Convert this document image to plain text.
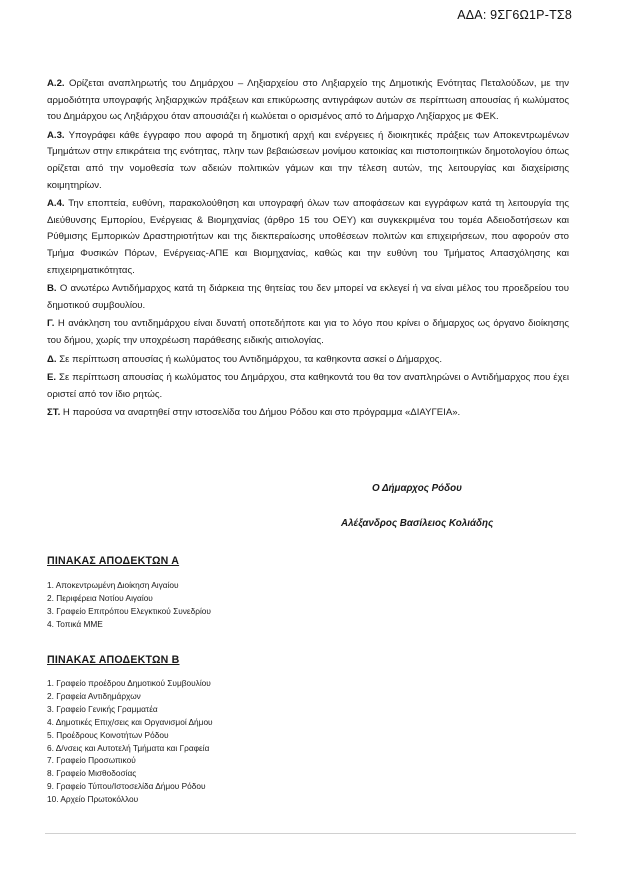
ΑΔΑ: 9ΣΓ6Ω1Ρ-ΤΣ8

Α.2. Ορίζεται αναπληρωτής του Δημάρχου – Ληξιαρχείου στο Ληξιαρχείο της Δημοτικής Ενότητας Πεταλούδων, με την αρμοδιότητα υπογραφής ληξιαρχικών πράξεων και επικύρωσης αντιγράφων αυτών σε περίπτωση απουσίας ή κωλύματος του Δημάρχου ως Ληξιάρχου όταν απουσιάζει ή κωλύεται ο ορισμένος από το Δήμαρχο Ληξίαρχος με ΦΕΚ.

Α.3. Υπογράφει κάθε έγγραφο που αφορά τη δημοτική αρχή και ενέργειες ή διοικητικές πράξεις των Αποκεντρωμένων Τμημάτων στην επικράτεια της ενότητας, πλην των βεβαιώσεων μονίμου κατοικίας και πιστοποιητικών δημοτολογίου όπως ορίζεται από την νομοθεσία των αδειών πολιτικών γάμων και την τέλεση αυτών, της λειτουργίας και διαχείρισης κοιμητηρίων.

Α.4. Την εποπτεία, ευθύνη, παρακολούθηση και υπογραφή όλων των αποφάσεων και εγγράφων κατά τη λειτουργία της Διεύθυνσης Εμπορίου, Ενέργειας & Βιομηχανίας (άρθρο 15 του ΟΕΥ) και συγκεκριμένα του τομέα Αδειοδοτήσεων και Ρύθμισης Εμπορικών Δραστηριοτήτων και της διεκπεραίωσης υποθέσεων πολιτών και επιχειρήσεων, που αφορούν στο Τμήμα Φυσικών Πόρων, Ενέργειας-ΑΠΕ και Βιομηχανίας, καθώς και την ευθύνη του Τμήματος Απασχόλησης και επιχειρηματικότητας.

Β. Ο ανωτέρω Αντιδήμαρχος κατά τη διάρκεια της θητείας του δεν μπορεί να εκλεγεί ή να είναι μέλος του προεδρείου του δημοτικού συμβουλίου.

Γ. Η ανάκληση του αντιδημάρχου είναι δυνατή οποτεδήποτε και για το λόγο που κρίνει ο δήμαρχος ως όργανο διοίκησης του δήμου, χωρίς την υποχρέωση παράθεσης ειδικής αιτιολογίας.

Δ. Σε περίπτωση απουσίας ή κωλύματος του Αντιδημάρχου, τα καθηκοντα ασκεί ο Δήμαρχος.

Ε. Σε περίπτωση απουσίας ή κωλύματος του Δημάρχου, στα καθηκοντά του θα τον αναπληρώνει ο Αντιδήμαρχος που έχει οριστεί από τον ίδιο ρητώς.

ΣΤ. Η παρούσα να αναρτηθεί στην ιστοσελίδα του Δήμου Ρόδου και στο πρόγραμμα «ΔΙΑΥΓΕΙΑ».

Ο Δήμαρχος Ρόδου
Αλέξανδρος Βασίλειος Κολιάδης
ΠΙΝΑΚΑΣ ΑΠΟΔΕΚΤΩΝ Α
1. Αποκεντρωμένη Διοίκηση Αιγαίου
2. Περιφέρεια Νοτίου Αιγαίου
3. Γραφείο Επιτρόπου Ελεγκτικού Συνεδρίου
4. Τοπικά ΜΜΕ
ΠΙΝΑΚΑΣ ΑΠΟΔΕΚΤΩΝ Β
1. Γραφείο προέδρου Δημοτικού Συμβουλίου
2. Γραφεία Αντιδημάρχων
3. Γραφείο Γενικής Γραμματέα
4. Δημοτικές Επιχ/σεις και Οργανισμοί Δήμου
5. Προέδρους Κοινοτήτων Ρόδου
6. Δ/νσεις και Αυτοτελή Τμήματα και Γραφεία
7. Γραφείο Προσωπικού
8. Γραφείο Μισθοδοσίας
9. Γραφείο Τύπου/Ιστοσελίδα Δήμου Ρόδου
10. Αρχείο Πρωτοκόλλου
